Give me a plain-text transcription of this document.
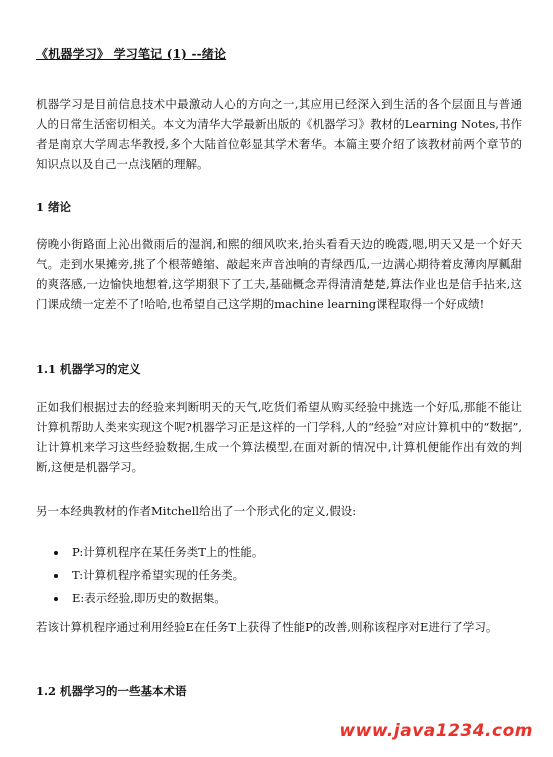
《机器学习》 学习笔记 (1) --绪论

机器学习是目前信息技术中最激动人心的方向之一,其应用已经深入到生活的各个层面且与普通人的日常生活密切相关。本文为清华大学最新出版的《机器学习》教材的Learning Notes,书作者是南京大学周志华教授,多个大陆首位彰显其学术奢华。本篇主要介绍了该教材前两个章节的知识点以及自己一点浅陋的理解。

1 绪论

傍晚小街路面上沁出微雨后的湿润,和熙的细风吹来,抬头看看天边的晚霞,嗯,明天又是一个好天气。走到水果摊旁,挑了个根蒂蜷缩、敲起来声音浊响的青绿西瓜,一边满心期待着皮薄肉厚瓤甜的爽落感,一边愉快地想着,这学期狠下了工夫,基础概念弄得清清楚楚,算法作业也是信手拈来,这门课成绩一定差不了!哈哈,也希望自己这学期的machine learning课程取得一个好成绩!

1.1 机器学习的定义

正如我们根据过去的经验来判断明天的天气,吃货们希望从购买经验中挑选一个好瓜,那能不能让计算机帮助人类来实现这个呢?机器学习正是这样的一门学科,人的“经验”对应计算机中的“数据”,让计算机来学习这些经验数据,生成一个算法模型,在面对新的情况中,计算机便能作出有效的判断,这便是机器学习。

另一本经典教材的作者Mitchell给出了一个形式化的定义,假设:

P:计算机程序在某任务类T上的性能。
T:计算机程序希望实现的任务类。
E:表示经验,即历史的数据集。

若该计算机程序通过利用经验E在任务T上获得了性能P的改善,则称该程序对E进行了学习。

1.2 机器学习的一些基本术语
www.java1234.com
